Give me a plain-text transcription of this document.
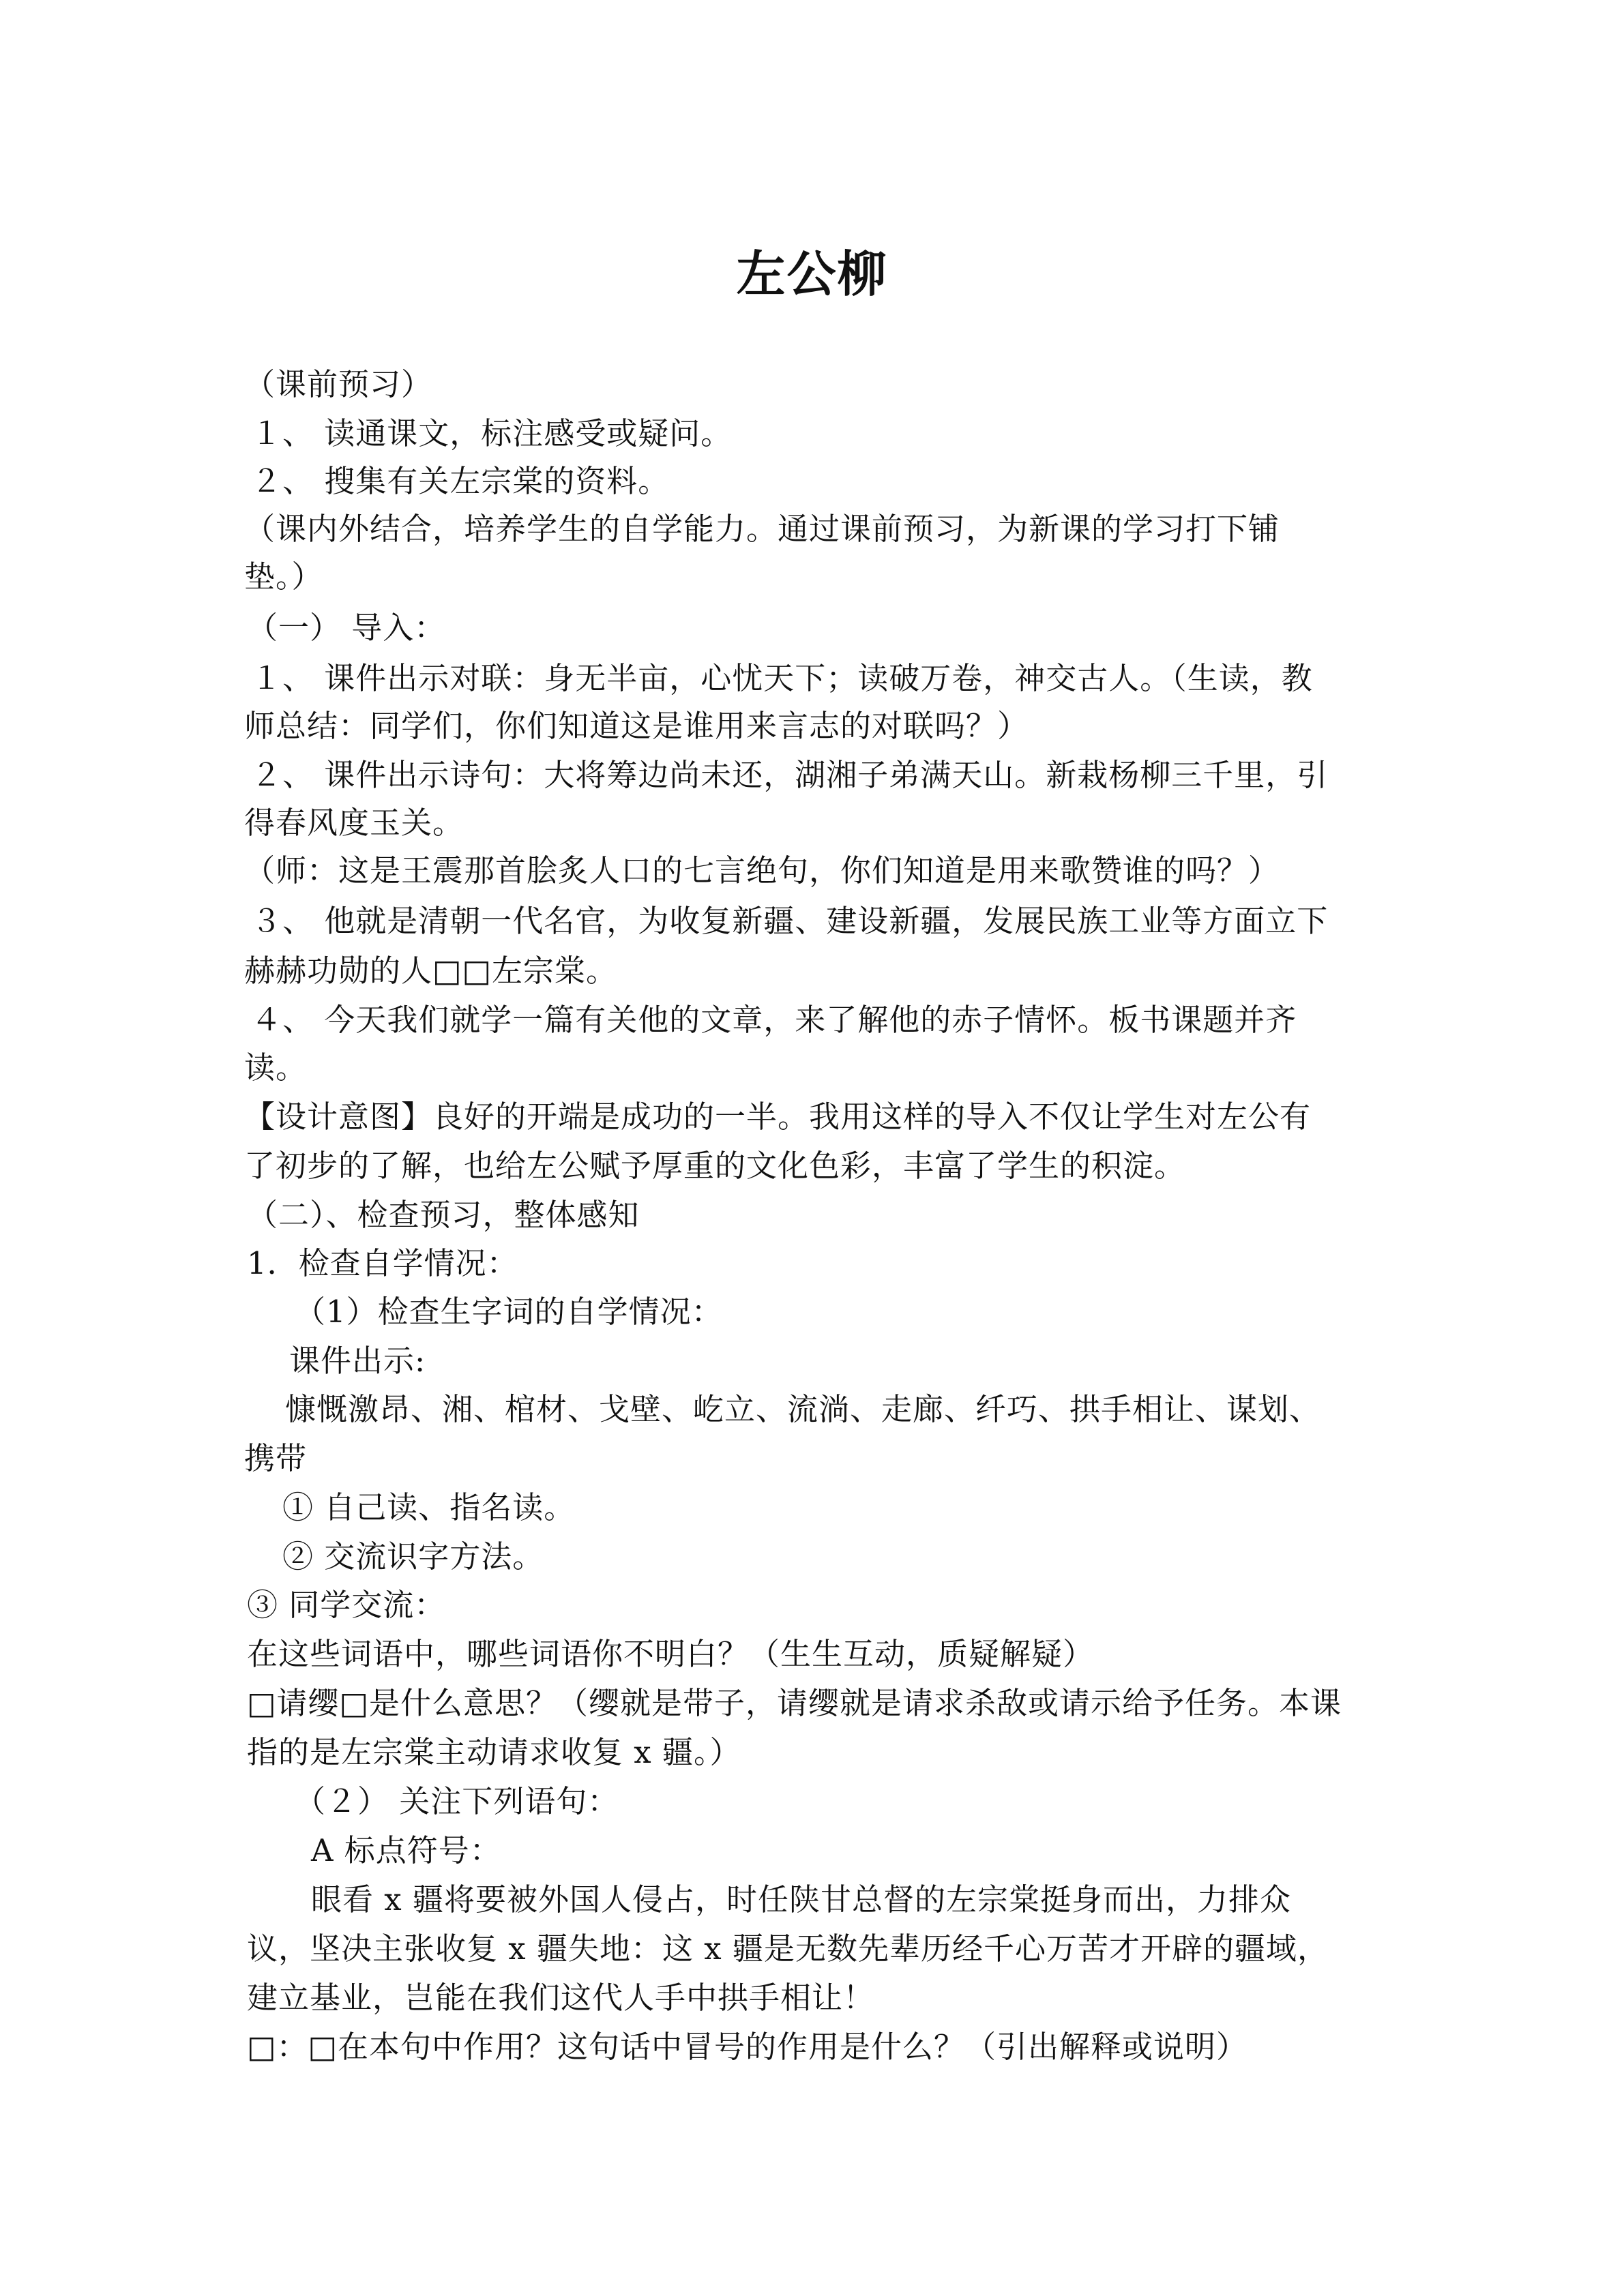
左公柳
（课前预习）
１、 读通课文，标注感受或疑问。
２、 搜集有关左宗棠的资料。
（课内外结合，培养学生的自学能力。通过课前预习，为新课的学习打下铺
垫。）
（一） 导入：
１、 课件出示对联：身无半亩，心忧天下；读破万卷，神交古人。（生读，教
师总结：同学们，你们知道这是谁用来言志的对联吗？）
２、 课件出示诗句：大将筹边尚未还，湖湘子弟满天山。新栽杨柳三千里，引
得春风度玉关。
（师：这是王震那首脍炙人口的七言绝句，你们知道是用来歌赞谁的吗？）
３、 他就是清朝一代名官，为收复新疆、建设新疆，发展民族工业等方面立下
赫赫功勋的人□□左宗棠。
４、 今天我们就学一篇有关他的文章，来了解他的赤子情怀。板书课题并齐
读。
【设计意图】良好的开端是成功的一半。我用这样的导入不仅让学生对左公有
了初步的了解，也给左公赋予厚重的文化色彩，丰富了学生的积淀。
（二）、检查预习，整体感知
1．检查自学情况：
（1）检查生字词的自学情况：
课件出示:
慷慨激昂、湘、棺材、戈壁、屹立、流淌、走廊、纤巧、拱手相让、谋划、
携带
① 自己读、指名读。
② 交流识字方法。
③ 同学交流：
在这些词语中，哪些词语你不明白？（生生互动，质疑解疑）
□请缨□是什么意思？（缨就是带子，请缨就是请求杀敌或请示给予任务。本课
指的是左宗棠主动请求收复 x 疆。）
（２） 关注下列语句：
A 标点符号：
眼看 x 疆将要被外国人侵占，时任陕甘总督的左宗棠挺身而出，力排众
议，坚决主张收复 x 疆失地：这 x 疆是无数先辈历经千心万苦才开辟的疆域，
建立基业，岂能在我们这代人手中拱手相让！
□：□在本句中作用？这句话中冒号的作用是什么？（引出解释或说明）
